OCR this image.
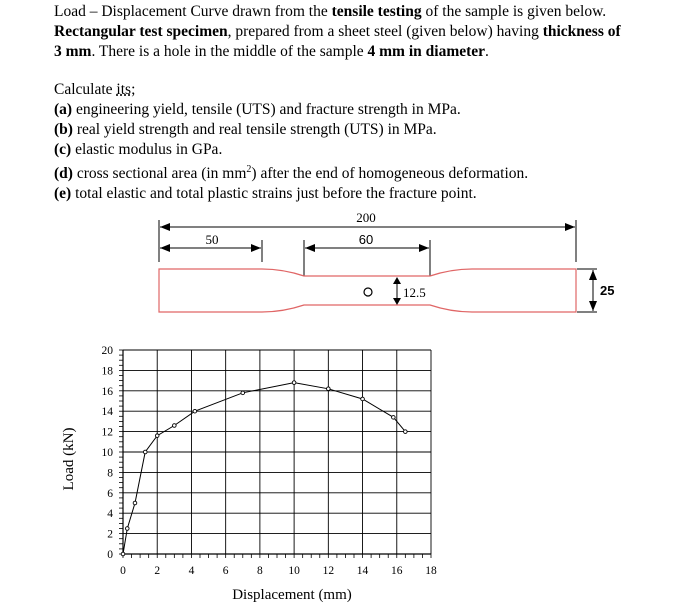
Load – Displacement Curve drawn from the tensile testing of the sample is given below.
Rectangular test specimen, prepared from a sheet steel (given below) having thickness of
3 mm. There is a hole in the middle of the sample 4 mm in diameter.
Calculate its;
(a) engineering yield, tensile (UTS) and fracture strength in MPa.
(b) real yield strength and real tensile strength (UTS) in MPa.
(c) elastic modulus in GPa.
(d) cross sectional area (in $mm^2$) after the end of homogeneous deformation.
(e) total elastic and total plastic strains just before the fracture point.
200
50	60
12.5	25
0
2
4
6
8
10
12
14
16
18
20
0 2 4 6 8 10 12 14 16 18
Displacement (mm)
Load (kN)
